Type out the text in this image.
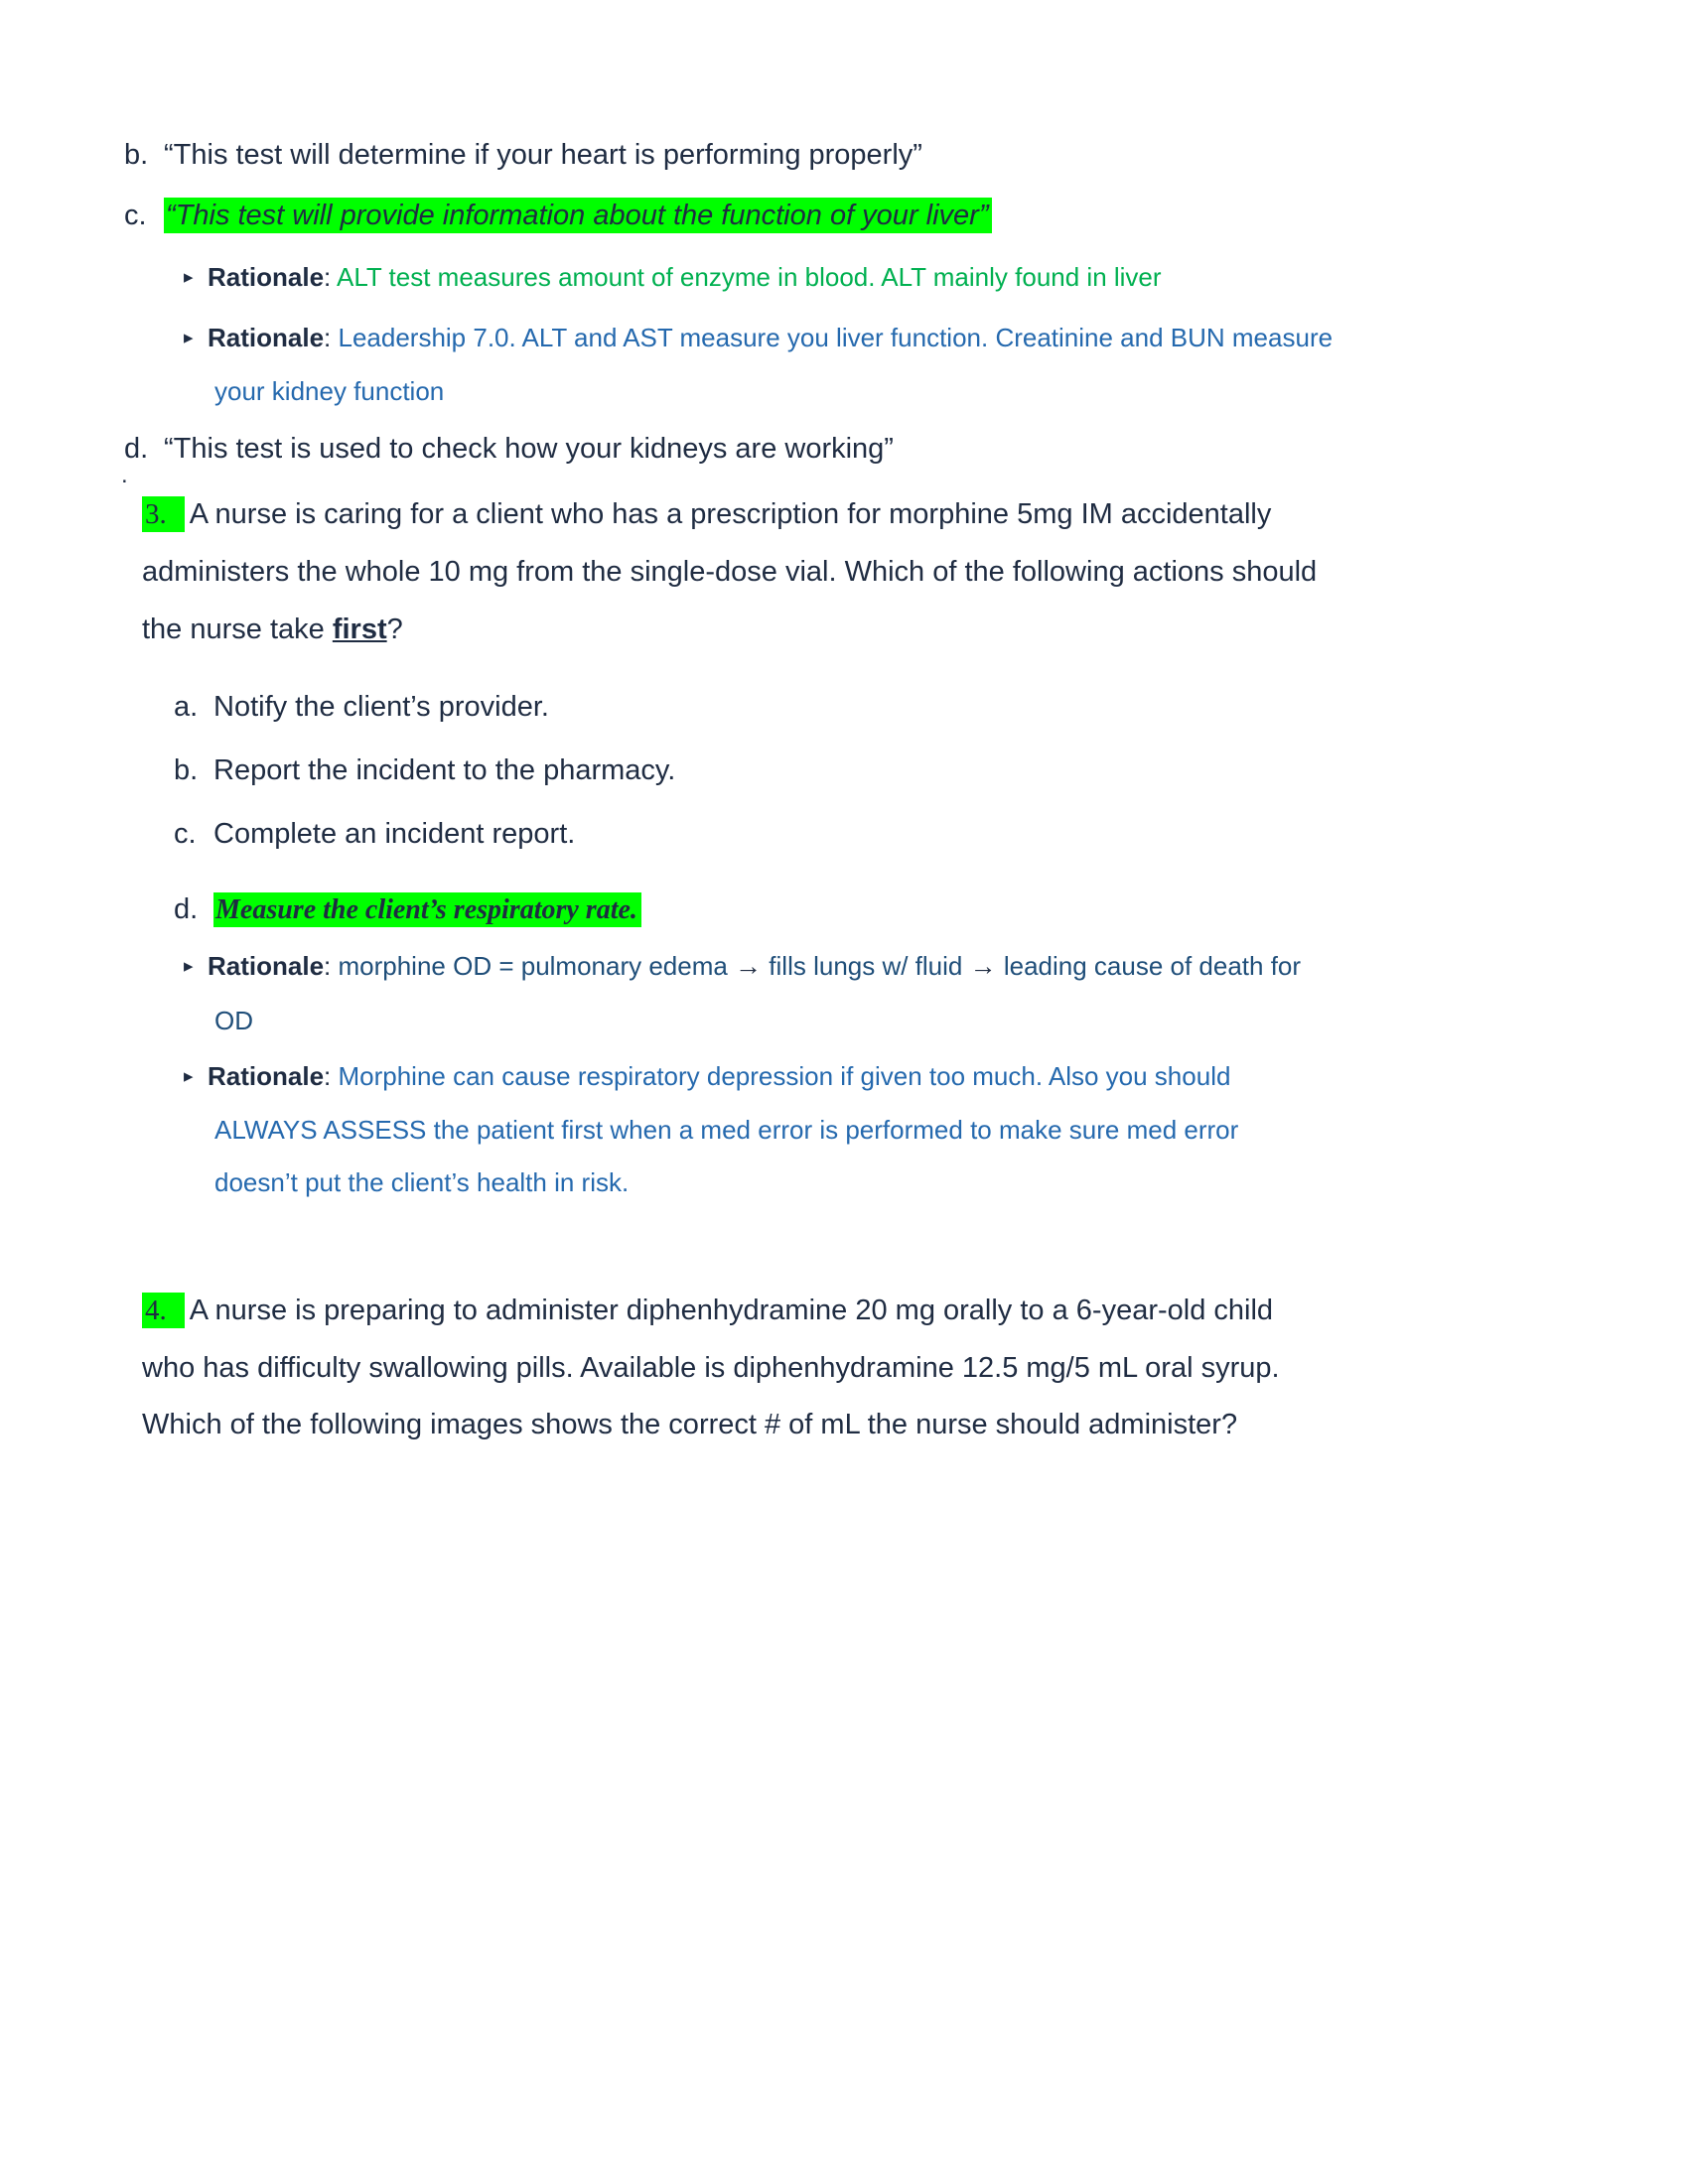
b. “This test will determine if your heart is performing properly”
c. “This test will provide information about the function of your liver”
▸ Rationale: ALT test measures amount of enzyme in blood. ALT mainly found in liver
▸ Rationale: Leadership 7.0. ALT and AST measure you liver function. Creatinine and BUN measure
your kidney function
d. “This test is used to check how your kidneys are working”
.
3. A nurse is caring for a client who has a prescription for morphine 5mg IM accidentally
administers the whole 10 mg from the single-dose vial. Which of the following actions should
the nurse take first?
a. Notify the client’s provider.
b. Report the incident to the pharmacy.
c. Complete an incident report.
d. Measure the client’s respiratory rate.
▸ Rationale: morphine OD = pulmonary edema → fills lungs w/ fluid → leading cause of death for
OD
▸ Rationale: Morphine can cause respiratory depression if given too much. Also you should
ALWAYS ASSESS the patient first when a med error is performed to make sure med error
doesn’t put the client’s health in risk.
4. A nurse is preparing to administer diphenhydramine 20 mg orally to a 6-year-old child
who has difficulty swallowing pills. Available is diphenhydramine 12.5 mg/5 mL oral syrup.
Which of the following images shows the correct # of mL the nurse should administer?
